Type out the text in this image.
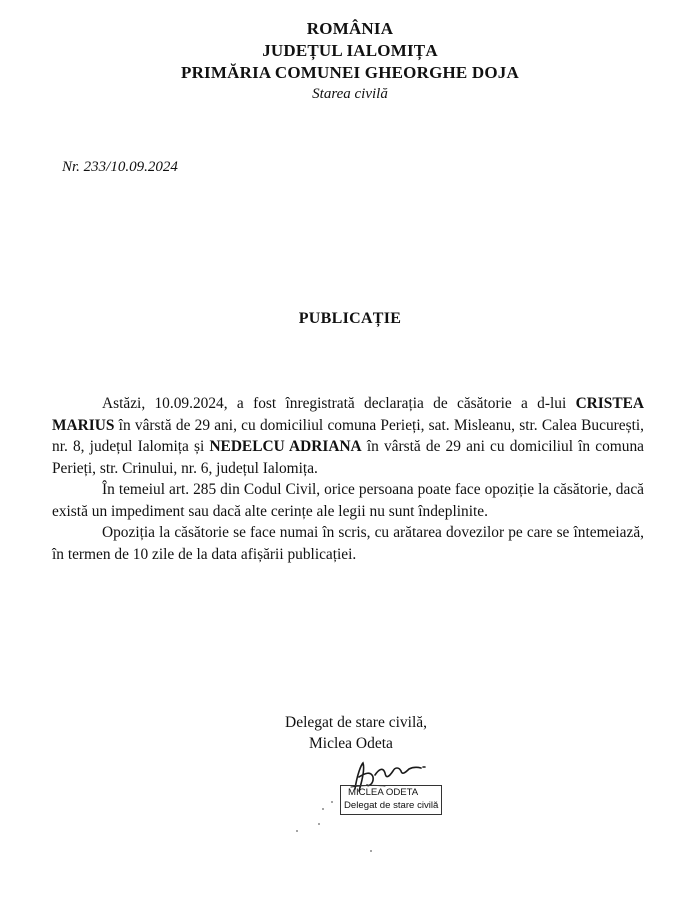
ROMÂNIA
JUDEȚUL IALOMIȚA
PRIMĂRIA COMUNEI GHEORGHE DOJA
Starea civilă
Nr. 233/10.09.2024
PUBLICAȚIE

Astăzi, 10.09.2024, a fost înregistrată declarația de căsătorie a d-lui CRISTEA MARIUS în vârstă de 29 ani, cu domiciliul comuna Perieți, sat. Misleanu, str. Calea București, nr. 8, județul Ialomița și NEDELCU ADRIANA în vârstă de 29 ani cu domiciliul în comuna Perieți, str. Crinului, nr. 6, județul Ialomița.

În temeiul art. 285 din Codul Civil, orice persoana poate face opoziție la căsătorie, dacă există un impediment sau dacă alte cerințe ale legii nu sunt îndeplinite.

Opoziția la căsătorie se face numai în scris, cu arătarea dovezilor pe care se întemeiază, în termen de 10 zile de la data afișării publicației.

Delegat de stare civilă,
Miclea Odeta
MICLEA ODETA
Delegat de stare civilă
